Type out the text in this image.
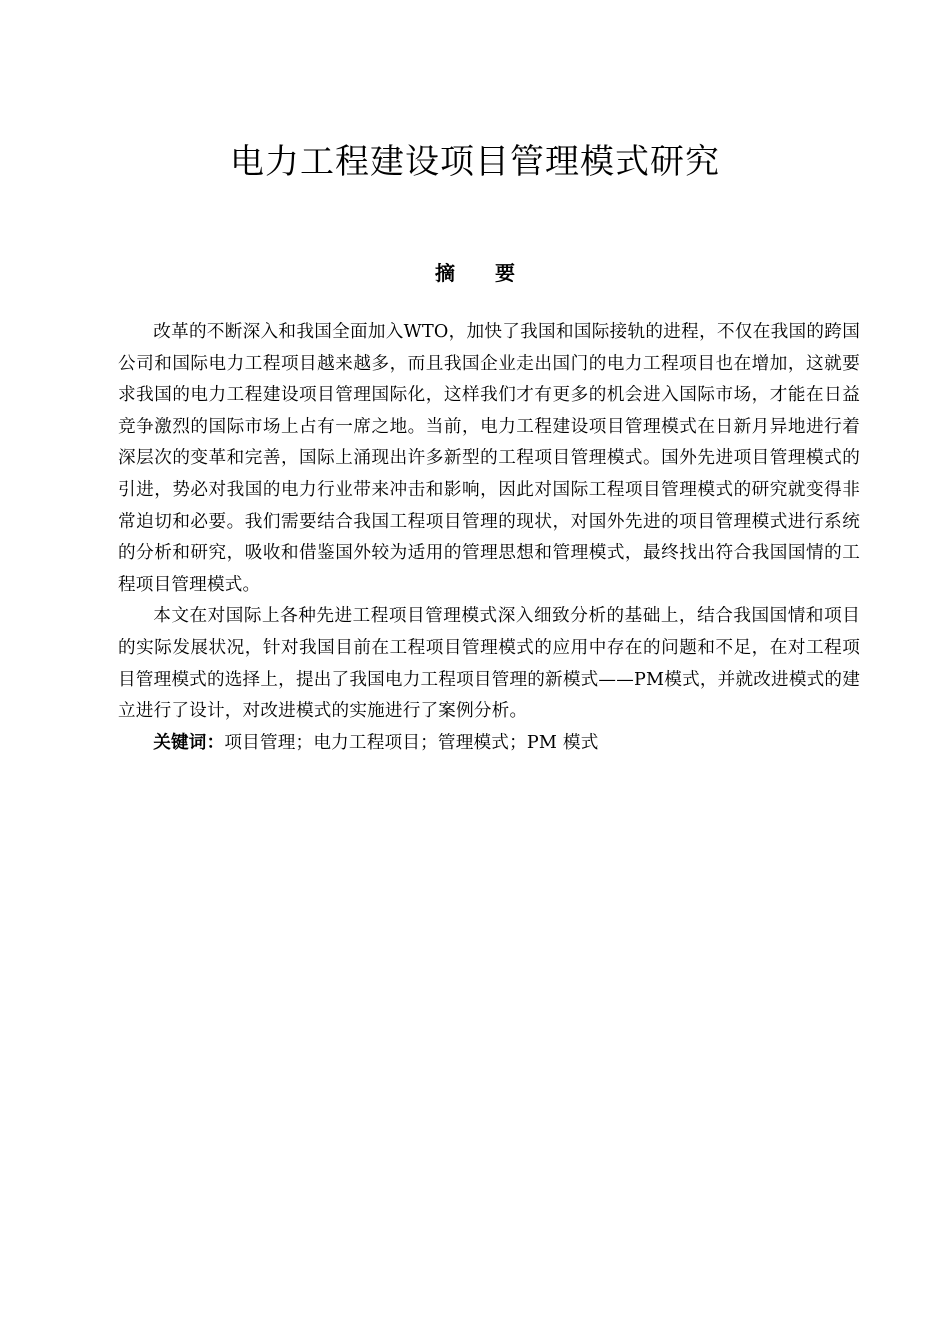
电力工程建设项目管理模式研究
摘要

改革的不断深入和我国全面加入WTO，加快了我国和国际接轨的进程，不仅在我国的跨国公司和国际电力工程项目越来越多，而且我国企业走出国门的电力工程项目也在增加，这就要求我国的电力工程建设项目管理国际化，这样我们才有更多的机会进入国际市场，才能在日益竞争激烈的国际市场上占有一席之地。当前，电力工程建设项目管理模式在日新月异地进行着深层次的变革和完善，国际上涌现出许多新型的工程项目管理模式。国外先进项目管理模式的引进，势必对我国的电力行业带来冲击和影响，因此对国际工程项目管理模式的研究就变得非常迫切和必要。我们需要结合我国工程项目管理的现状，对国外先进的项目管理模式进行系统的分析和研究，吸收和借鉴国外较为适用的管理思想和管理模式，最终找出符合我国国情的工程项目管理模式。

本文在对国际上各种先进工程项目管理模式深入细致分析的基础上，结合我国国情和项目的实际发展状况，针对我国目前在工程项目管理模式的应用中存在的问题和不足，在对工程项目管理模式的选择上，提出了我国电力工程项目管理的新模式——PM模式，并就改进模式的建立进行了设计，对改进模式的实施进行了案例分析。

关键词：项目管理；电力工程项目；管理模式；PM 模式
